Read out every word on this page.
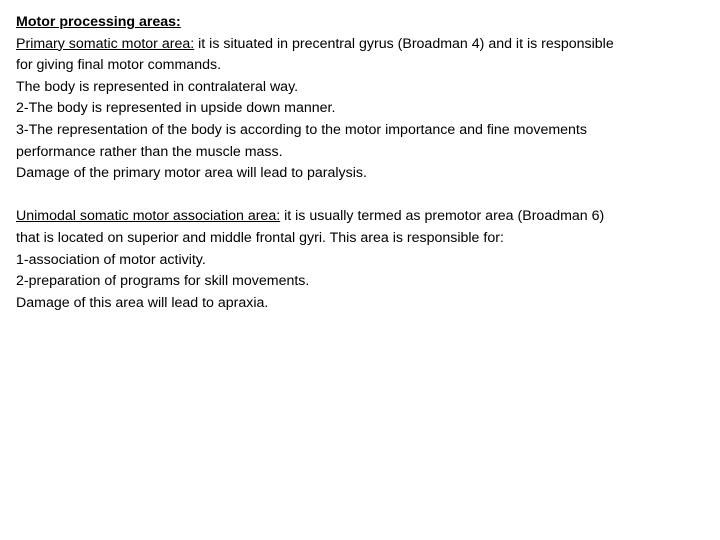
Motor processing areas:
Primary somatic motor area: it is situated in precentral gyrus (Broadman 4) and it is responsible
for giving final motor commands.
The body is represented in contralateral way.
2-The body is represented in upside down manner.
3-The representation of the body is according to the motor importance and fine movements
performance rather than the muscle mass.
Damage of the primary motor area will lead to paralysis.
Unimodal somatic motor association area: it is usually termed as premotor area (Broadman 6)
that is located on superior and middle frontal gyri. This area is responsible for:
1-association of motor activity.
2-preparation of programs for skill movements.
Damage of this area will lead to apraxia.
